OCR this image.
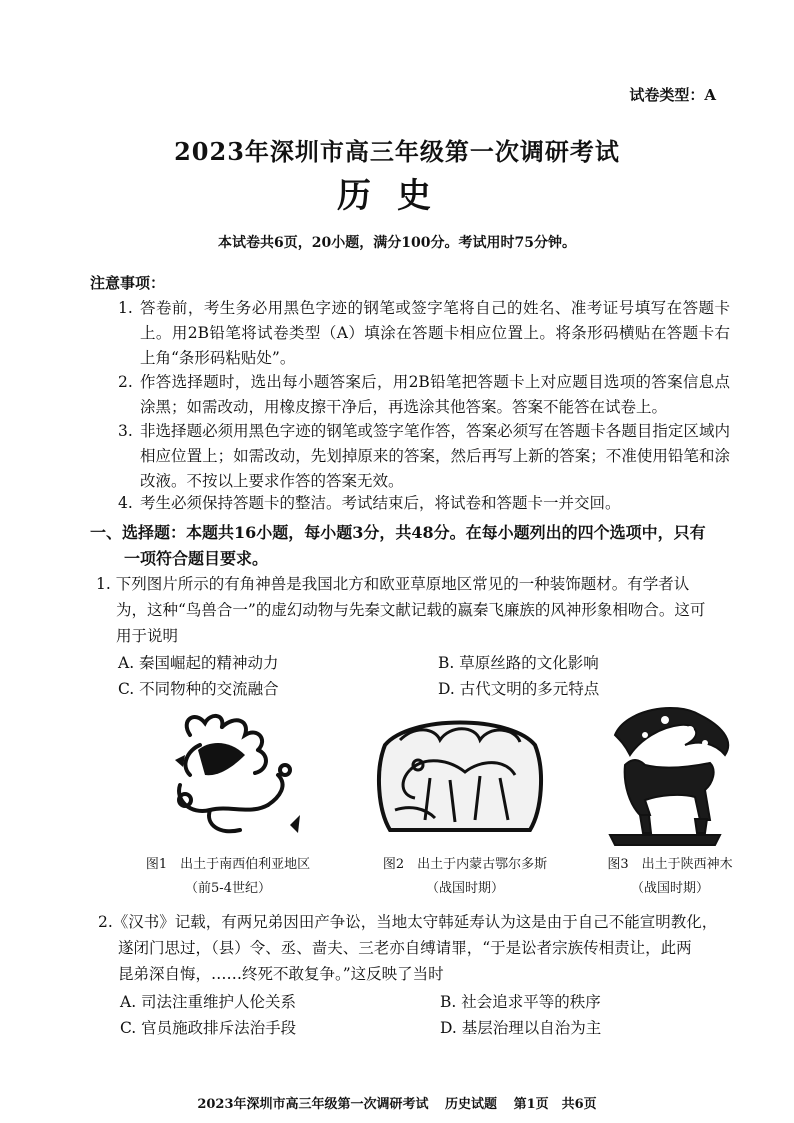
试卷类型：A
2023年深圳市高三年级第一次调研考试
历史
本试卷共6页，20小题，满分100分。考试用时75分钟。
注意事项：
1. 答卷前，考生务必用黑色字迹的钢笔或签字笔将自己的姓名、准考证号填写在答题卡上。用2B铅笔将试卷类型（A）填涂在答题卡相应位置上。将条形码横贴在答题卡右上角“条形码粘贴处”。
2. 作答选择题时，选出每小题答案后，用2B铅笔把答题卡上对应题目选项的答案信息点涂黑；如需改动，用橡皮擦干净后，再选涂其他答案。答案不能答在试卷上。
3. 非选择题必须用黑色字迹的钢笔或签字笔作答，答案必须写在答题卡各题目指定区域内相应位置上；如需改动，先划掉原来的答案，然后再写上新的答案；不准使用铅笔和涂改液。不按以上要求作答的答案无效。
4. 考生必须保持答题卡的整洁。考试结束后，将试卷和答题卡一并交回。
一、选择题：本题共16小题，每小题3分，共48分。在每小题列出的四个选项中，只有
一项符合题目要求。
1. 下列图片所示的有角神兽是我国北方和欧亚草原地区常见的一种装饰题材。有学者认
为，这种“鸟兽合一”的虚幻动物与先秦文献记载的嬴秦飞廉族的风神形象相吻合。这可
用于说明
A. 秦国崛起的精神动力	B. 草原丝路的文化影响
C. 不同物种的交流融合	D. 古代文明的多元特点
图1　出土于南西伯利亚地区
（前5-4世纪）
图2　出土于内蒙古鄂尔多斯
（战国时期）
图3　出土于陕西神木
（战国时期）
2.《汉书》记载，有两兄弟因田产争讼，当地太守韩延寿认为这是由于自己不能宣明教化，
遂闭门思过，（县）令、丞、啬夫、三老亦自缚请罪，“于是讼者宗族传相责让，此两
昆弟深自悔，……终死不敢复争。”这反映了当时
A. 司法注重维护人伦关系	B. 社会追求平等的秩序
C. 官员施政排斥法治手段	D. 基层治理以自治为主
2023年深圳市高三年级第一次调研考试 历史试题 第1页　共6页
